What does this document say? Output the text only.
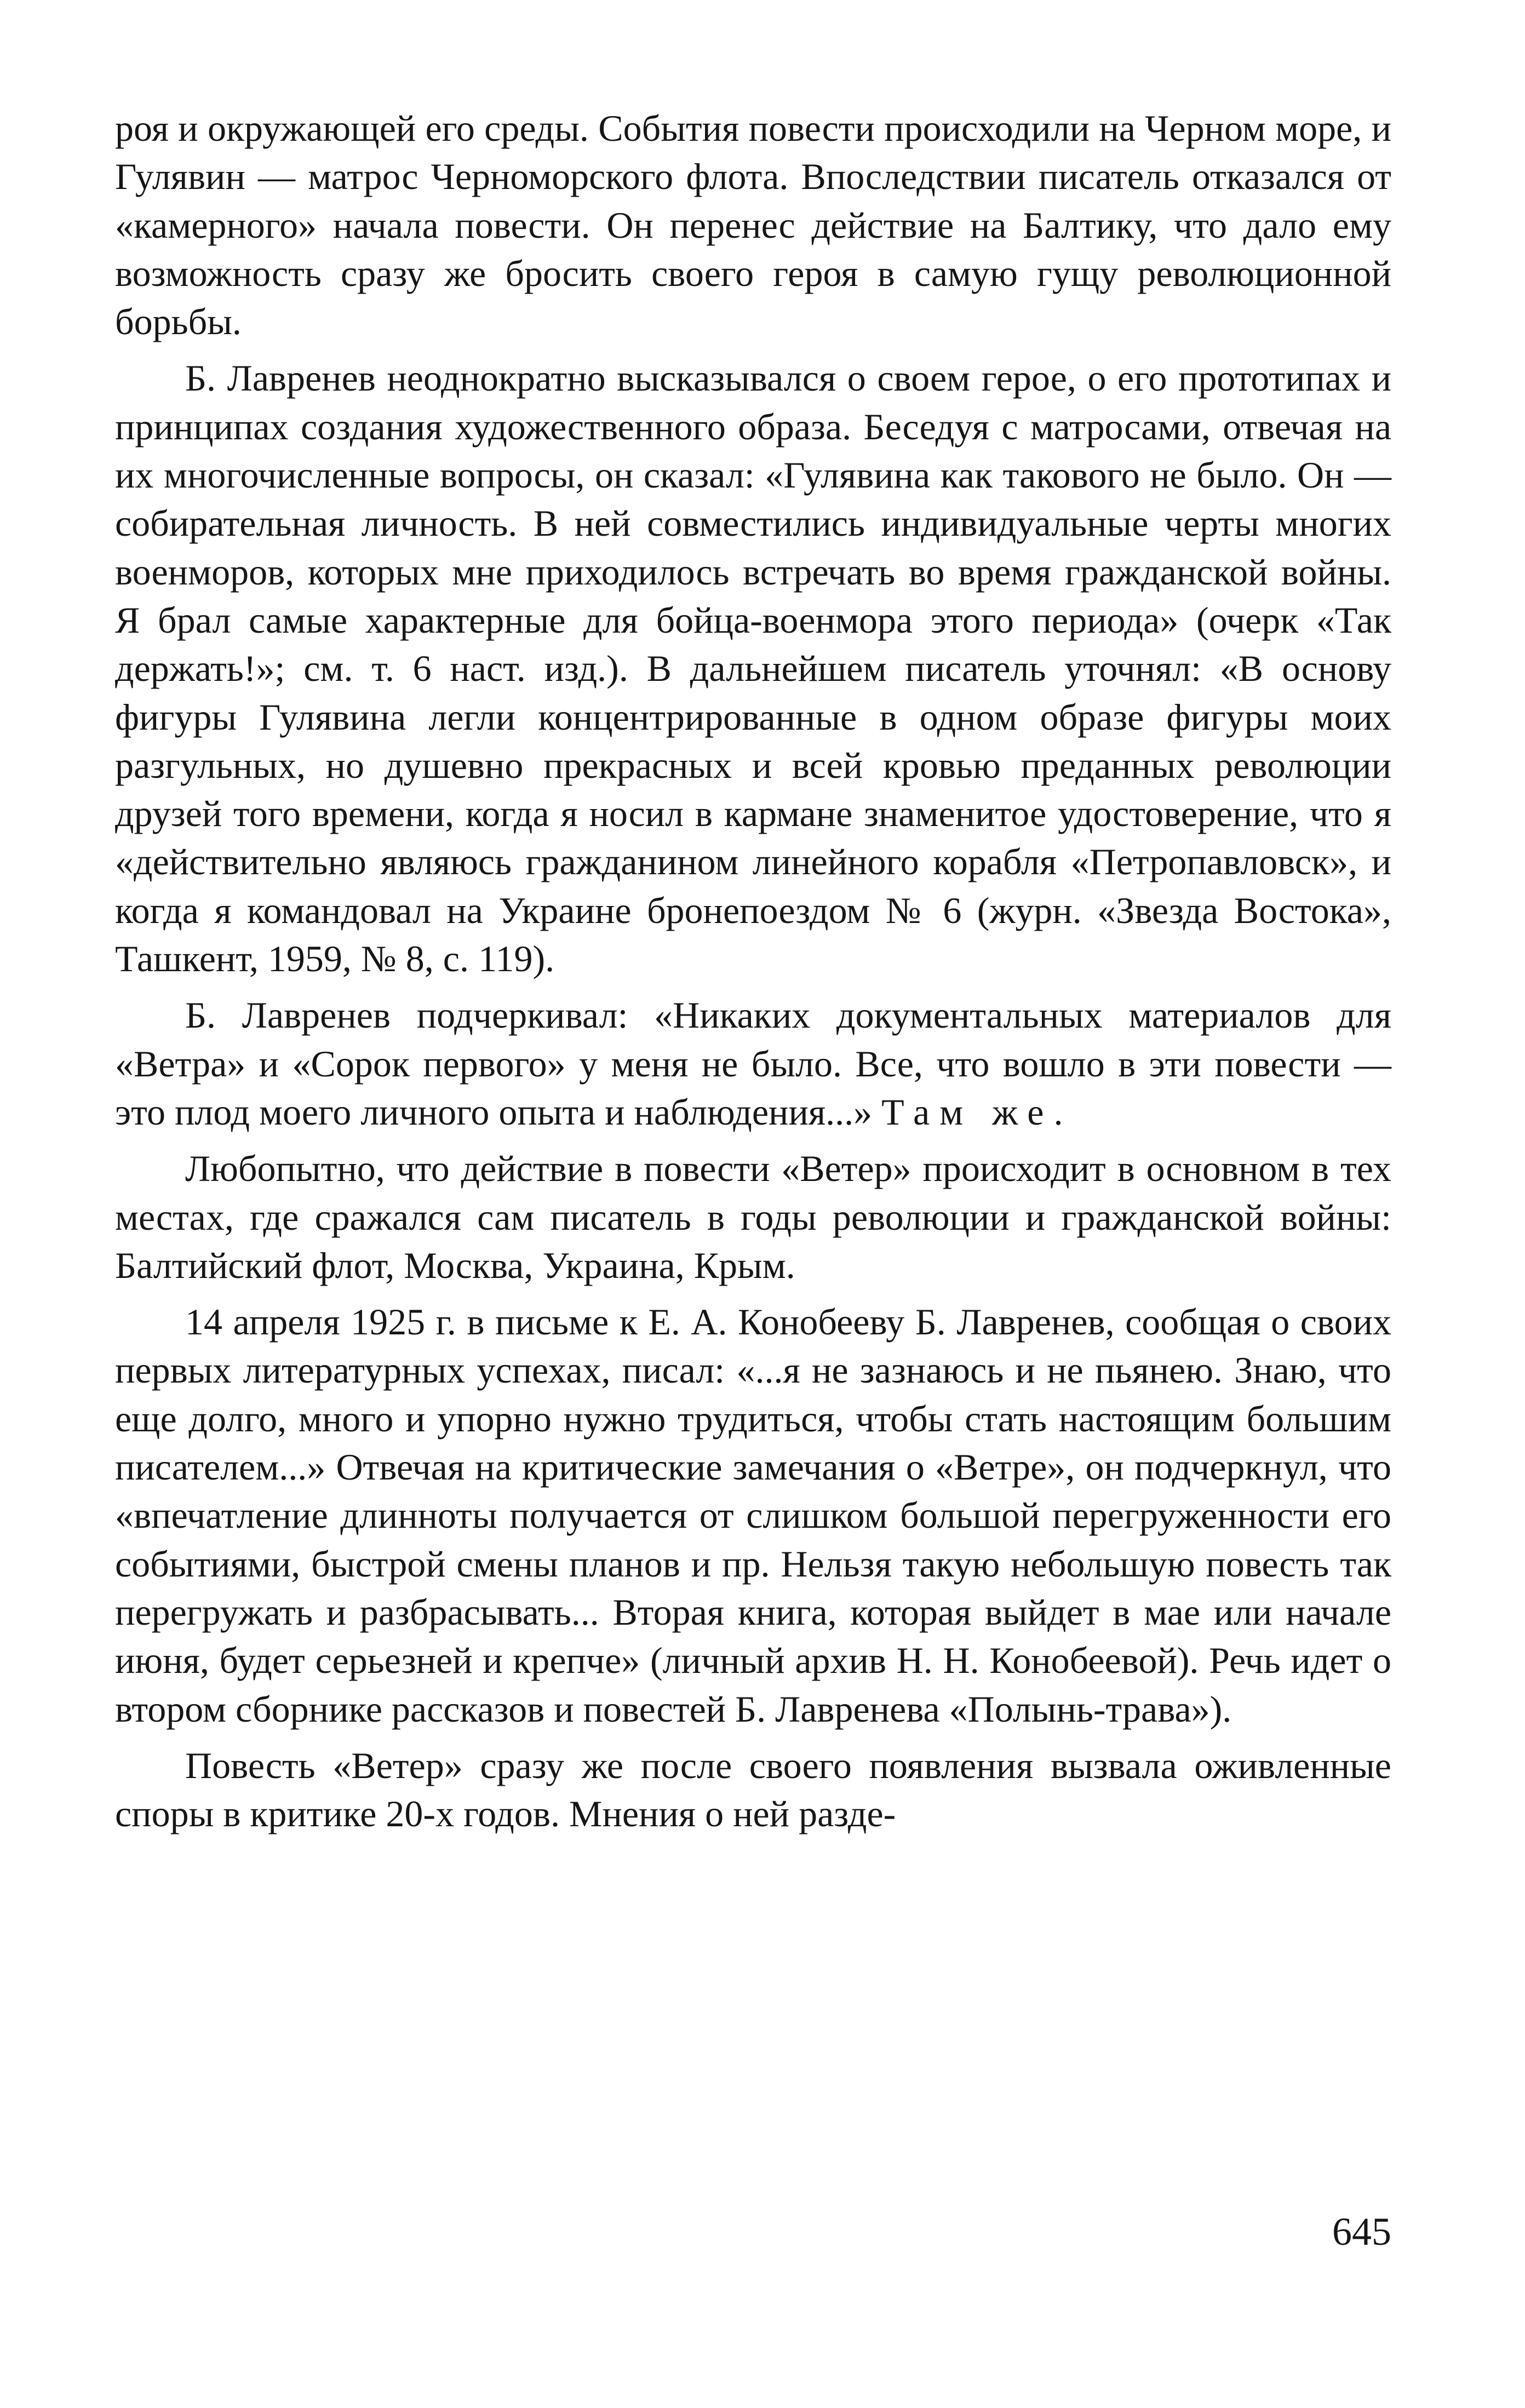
роя и окружающей его среды. События повести происходили на Черном море, и Гулявин — матрос Черноморского флота. Впоследствии писатель отказался от «камерного» начала повести. Он перенес действие на Балтику, что дало ему возможность сразу же бросить своего героя в самую гущу революционной борьбы.

Б. Лавренев неоднократно высказывался о своем герое, о его прототипах и принципах создания художественного образа. Беседуя с матросами, отвечая на их многочисленные вопросы, он сказал: «Гулявина как такового не было. Он — собирательная личность. В ней совместились индивидуальные черты многих военморов, которых мне приходилось встречать во время гражданской войны. Я брал самые характерные для бойца-военмора этого периода» (очерк «Так держать!»; см. т. 6 наст. изд.). В дальнейшем писатель уточнял: «В основу фигуры Гулявина легли концентрированные в одном образе фигуры моих разгульных, но душевно прекрасных и всей кровью преданных революции друзей того времени, когда я носил в кармане знаменитое удостоверение, что я «действительно являюсь гражданином линейного корабля «Петропавловск», и когда я командовал на Украине бронепоездом № 6 (журн. «Звезда Востока», Ташкент, 1959, № 8, с. 119).

Б. Лавренев подчеркивал: «Никаких документальных материалов для «Ветра» и «Сорок первого» у меня не было. Все, что вошло в эти повести — это плод моего личного опыта и наблюдения...» Там же.

Любопытно, что действие в повести «Ветер» происходит в основном в тех местах, где сражался сам писатель в годы революции и гражданской войны: Балтийский флот, Москва, Украина, Крым.

14 апреля 1925 г. в письме к Е. А. Конобееву Б. Лавренев, сообщая о своих первых литературных успехах, писал: «...я не зазнаюсь и не пьянею. Знаю, что еще долго, много и упорно нужно трудиться, чтобы стать настоящим большим писателем...» Отвечая на критические замечания о «Ветре», он подчеркнул, что «впечатление длинноты получается от слишком большой перегруженности его событиями, быстрой смены планов и пр. Нельзя такую небольшую повесть так перегружать и разбрасывать... Вторая книга, которая выйдет в мае или начале июня, будет серьезней и крепче» (личный архив Н. Н. Конобеевой). Речь идет о втором сборнике рассказов и повестей Б. Лавренева «Полынь-трава»).

Повесть «Ветер» сразу же после своего появления вызвала оживленные споры в критике 20-х годов. Мнения о ней разде-

645
